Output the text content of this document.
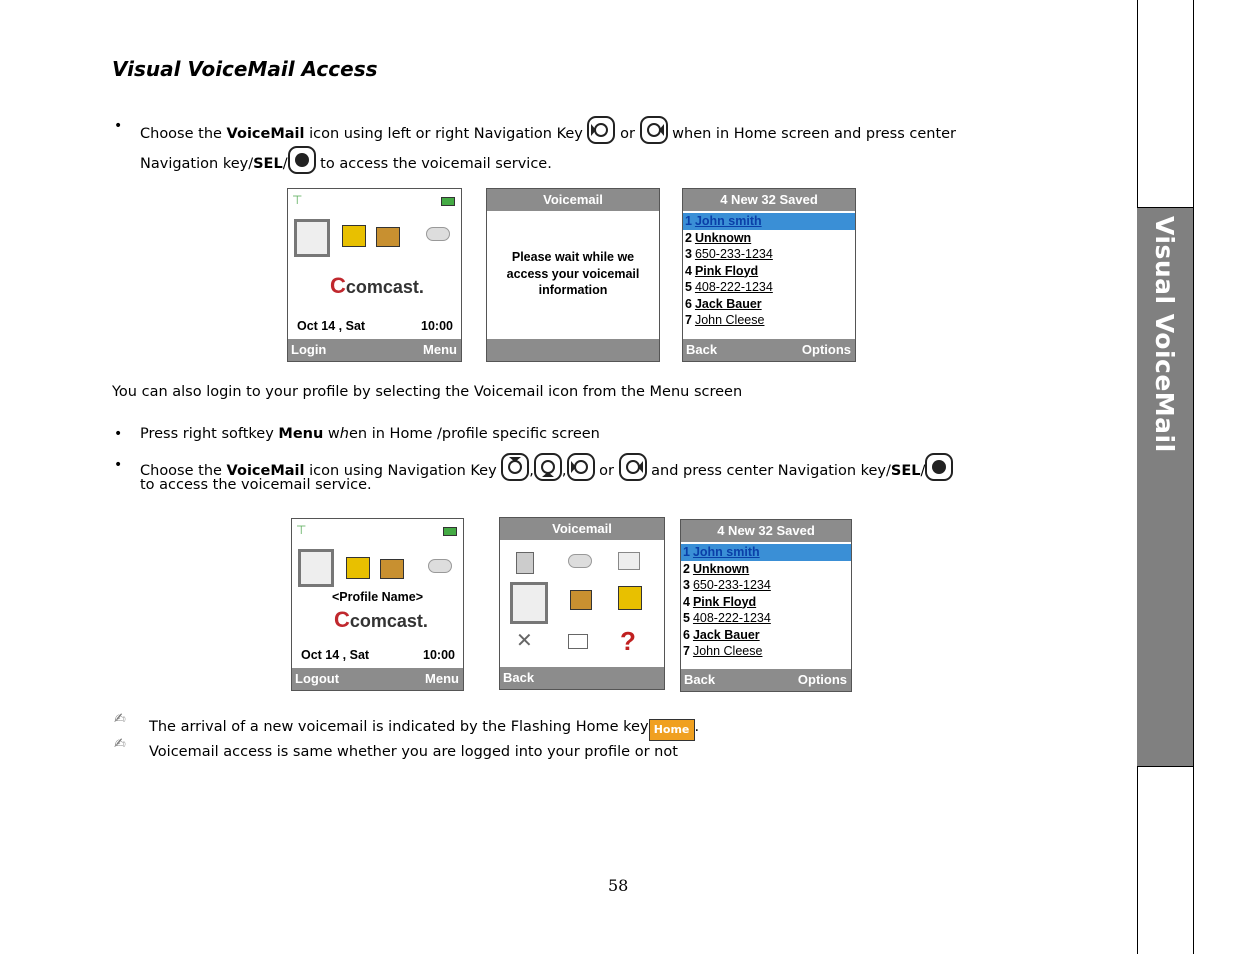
Visual VoiceMail
Visual VoiceMail Access
• Choose the VoiceMail icon using left or right Navigation Key  or  when in Home screen and press center
Navigation key/SEL/ to access the voicemail service.
⊤
Ccomcast.
Oct 14 , Sat	10:00
Login	Menu
Voicemail
Please wait while we access your voicemail information
4 New 32 Saved
1 John smith
2 Unknown
3 650-233-1234
4 Pink Floyd
5 408-222-1234
6 Jack Bauer
7 John Cleese
Back	Options
You can also login to your profile by selecting the Voicemail icon from the Menu screen
• Press right softkey Menu when in Home /profile specific screen
• Choose the VoiceMail icon using Navigation Key , , or  and press center Navigation key/SEL/
to access the voicemail service.
⊤
<Profile Name>
Ccomcast.
Oct 14 , Sat	10:00
Logout	Menu
Voicemail
✕	?
Back
4 New 32 Saved
1 John smith
2 Unknown
3 650-233-1234
4 Pink Floyd
5 408-222-1234
6 Jack Bauer
7 John Cleese
Back	Options
✍ The arrival of a new voicemail is indicated by the Flashing Home key Home .
✍ Voicemail access is same whether you are logged into your profile or not
58
